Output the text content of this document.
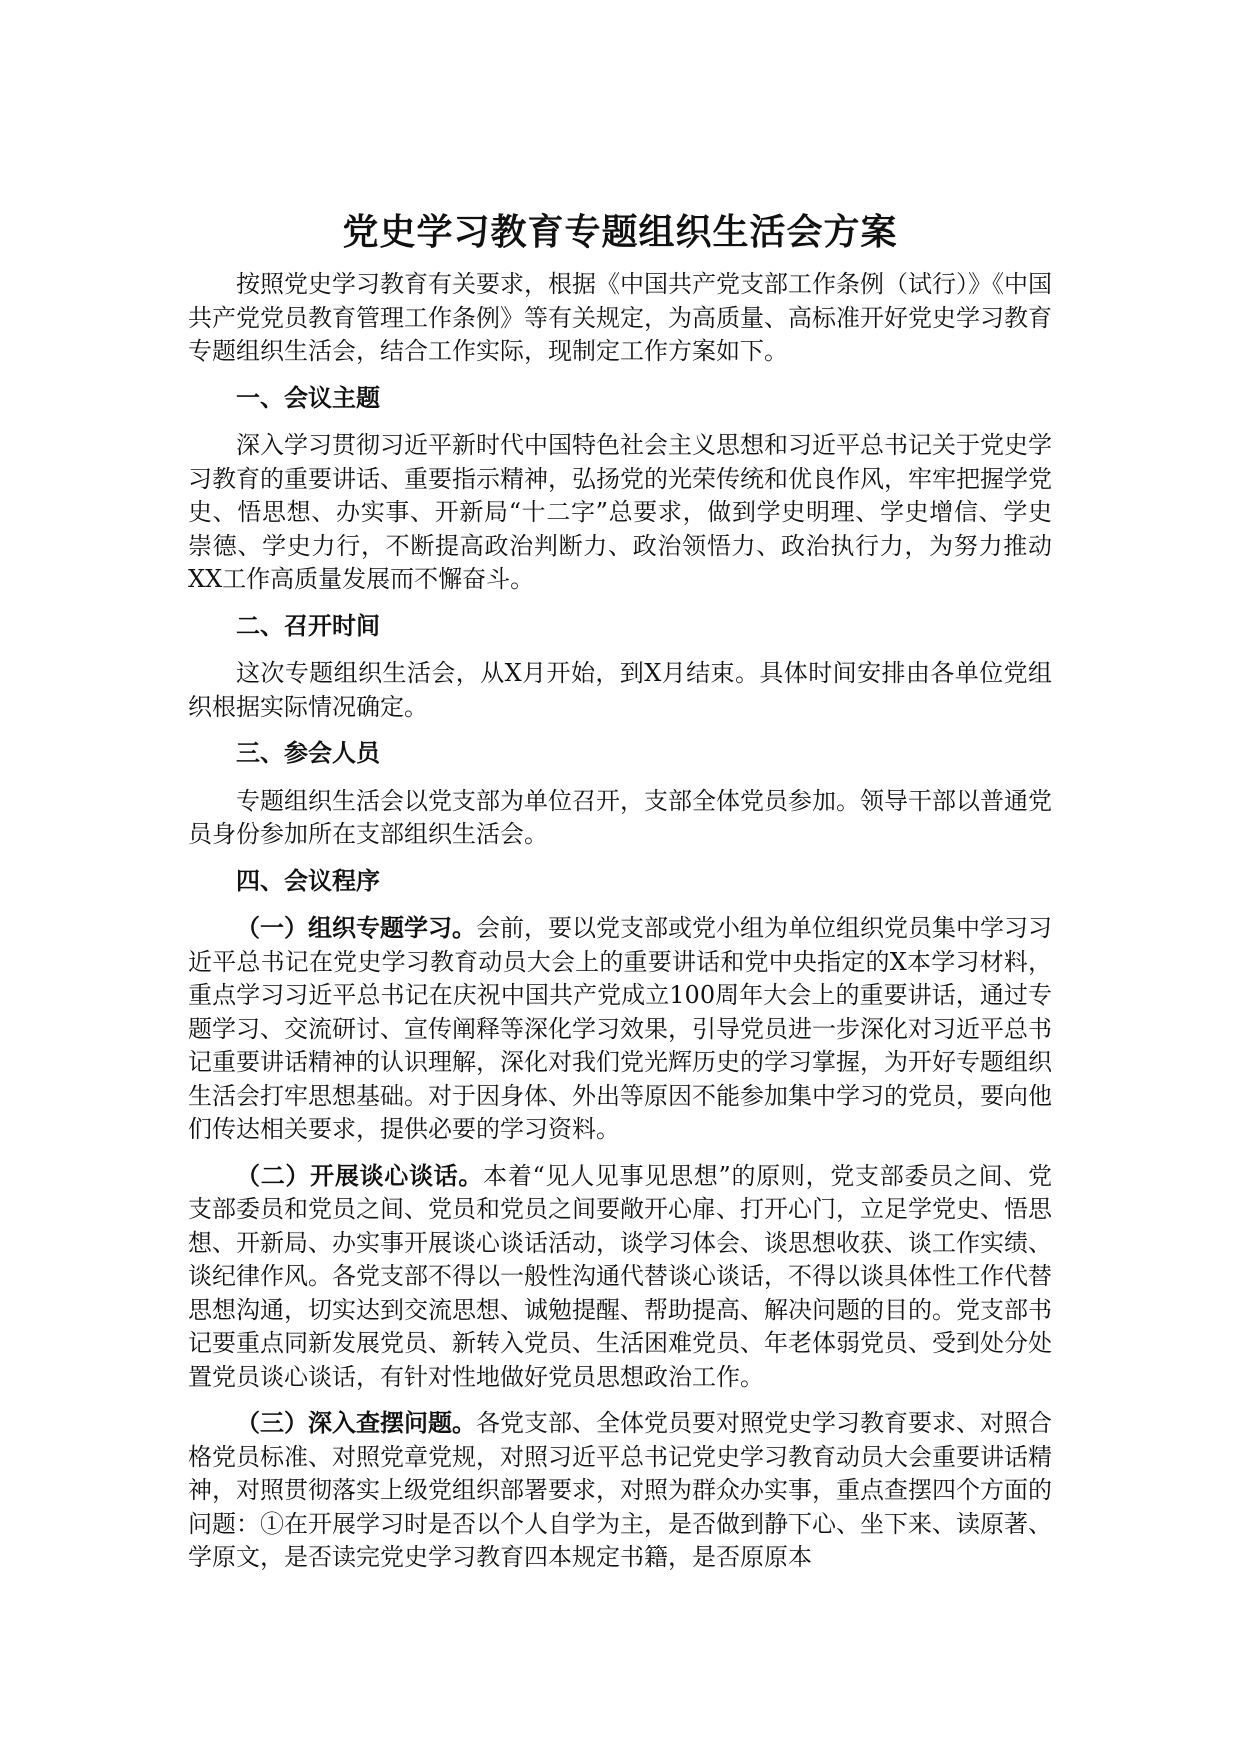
党史学习教育专题组织生活会方案

按照党史学习教育有关要求，根据《中国共产党支部工作条例（试行）》《中国共产党党员教育管理工作条例》等有关规定，为高质量、高标准开好党史学习教育专题组织生活会，结合工作实际，现制定工作方案如下。

一、会议主题

深入学习贯彻习近平新时代中国特色社会主义思想和习近平总书记关于党史学习教育的重要讲话、重要指示精神，弘扬党的光荣传统和优良作风，牢牢把握学党史、悟思想、办实事、开新局“十二字”总要求，做到学史明理、学史增信、学史崇德、学史力行，不断提高政治判断力、政治领悟力、政治执行力，为努力推动XX工作高质量发展而不懈奋斗。

二、召开时间

这次专题组织生活会，从X月开始，到X月结束。具体时间安排由各单位党组织根据实际情况确定。

三、参会人员

专题组织生活会以党支部为单位召开，支部全体党员参加。领导干部以普通党员身份参加所在支部组织生活会。

四、会议程序

（一）组织专题学习。会前，要以党支部或党小组为单位组织党员集中学习习近平总书记在党史学习教育动员大会上的重要讲话和党中央指定的X本学习材料，重点学习习近平总书记在庆祝中国共产党成立100周年大会上的重要讲话，通过专题学习、交流研讨、宣传阐释等深化学习效果，引导党员进一步深化对习近平总书记重要讲话精神的认识理解，深化对我们党光辉历史的学习掌握，为开好专题组织生活会打牢思想基础。对于因身体、外出等原因不能参加集中学习的党员，要向他们传达相关要求，提供必要的学习资料。

（二）开展谈心谈话。本着“见人见事见思想”的原则，党支部委员之间、党支部委员和党员之间、党员和党员之间要敞开心扉、打开心门，立足学党史、悟思想、开新局、办实事开展谈心谈话活动，谈学习体会、谈思想收获、谈工作实绩、谈纪律作风。各党支部不得以一般性沟通代替谈心谈话，不得以谈具体性工作代替思想沟通，切实达到交流思想、诚勉提醒、帮助提高、解决问题的目的。党支部书记要重点同新发展党员、新转入党员、生活困难党员、年老体弱党员、受到处分处置党员谈心谈话，有针对性地做好党员思想政治工作。

（三）深入查摆问题。各党支部、全体党员要对照党史学习教育要求、对照合格党员标准、对照党章党规，对照习近平总书记党史学习教育动员大会重要讲话精神，对照贯彻落实上级党组织部署要求，对照为群众办实事，重点查摆四个方面的问题：①在开展学习时是否以个人自学为主，是否做到静下心、坐下来、读原著、学原文，是否读完党史学习教育四本规定书籍，是否原原本
